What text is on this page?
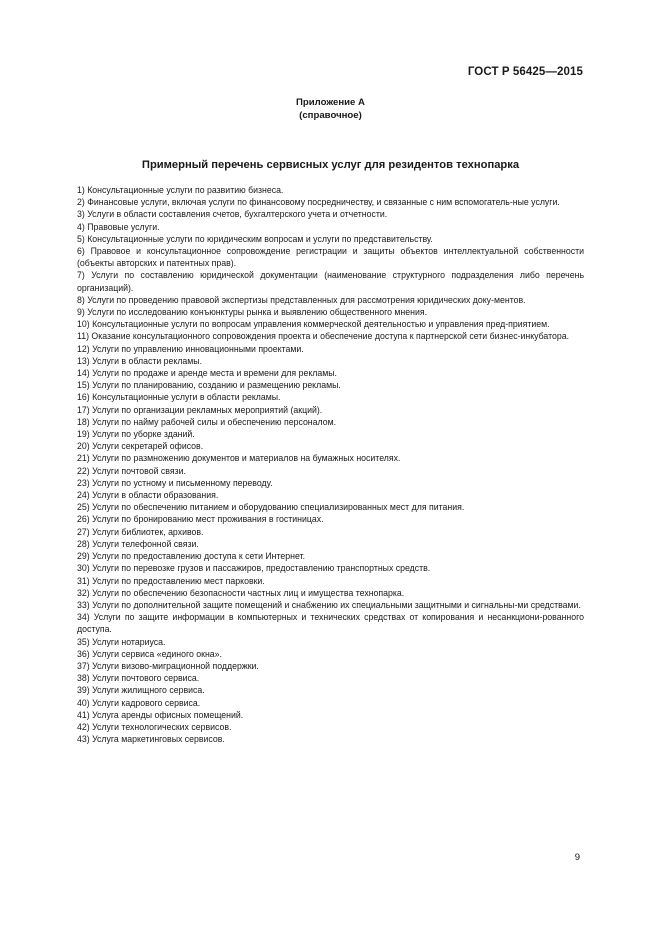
ГОСТ Р 56425—2015
Приложение А
(справочное)
Примерный перечень сервисных услуг для резидентов технопарка
1) Консультационные услуги по развитию бизнеса.
2) Финансовые услуги, включая услуги по финансовому посредничеству, и связанные с ним вспомогатель-ные услуги.
3) Услуги в области составления счетов, бухгалтерского учета и отчетности.
4) Правовые услуги.
5) Консультационные услуги по юридическим вопросам и услуги по представительству.
6) Правовое и консультационное сопровождение регистрации и защиты объектов интеллектуальной собственности (объекты авторских и патентных прав).
7) Услуги по составлению юридической документации (наименование структурного подразделения либо перечень организаций).
8) Услуги по проведению правовой экспертизы представленных для рассмотрения юридических доку-ментов.
9) Услуги по исследованию конъюнктуры рынка и выявлению общественного мнения.
10) Консультационные услуги по вопросам управления коммерческой деятельностью и управления пред-приятием.
11) Оказание консультационного сопровождения проекта и обеспечение доступа к партнерской сети бизнес-инкубатора.
12) Услуги по управлению инновационными проектами.
13) Услуги в области рекламы.
14) Услуги по продаже и аренде места и времени для рекламы.
15) Услуги по планированию, созданию и размещению рекламы.
16) Консультационные услуги в области рекламы.
17) Услуги по организации рекламных мероприятий (акций).
18) Услуги по найму рабочей силы и обеспечению персоналом.
19) Услуги по уборке зданий.
20) Услуги секретарей офисов.
21) Услуги по размножению документов и материалов на бумажных носителях.
22) Услуги почтовой связи.
23) Услуги по устному и письменному переводу.
24) Услуги в области образования.
25) Услуги по обеспечению питанием и оборудованию специализированных мест для питания.
26) Услуги по бронированию мест проживания в гостиницах.
27) Услуги библиотек, архивов.
28) Услуги телефонной связи.
29) Услуги по предоставлению доступа к сети Интернет.
30) Услуги по перевозке грузов и пассажиров, предоставлению транспортных средств.
31) Услуги по предоставлению мест парковки.
32) Услуги по обеспечению безопасности частных лиц и имущества технопарка.
33) Услуги по дополнительной защите помещений и снабжению их специальными защитными и сигнальны-ми средствами.
34) Услуги по защите информации в компьютерных и технических средствах от копирования и несанкциони-рованного доступа.
35) Услуги нотариуса.
36) Услуги сервиса «единого окна».
37) Услуги визово-миграционной поддержки.
38) Услуги почтового сервиса.
39) Услуги жилищного сервиса.
40) Услуги кадрового сервиса.
41) Услуга аренды офисных помещений.
42) Услуги технологических сервисов.
43) Услуга маркетинговых сервисов.
9
